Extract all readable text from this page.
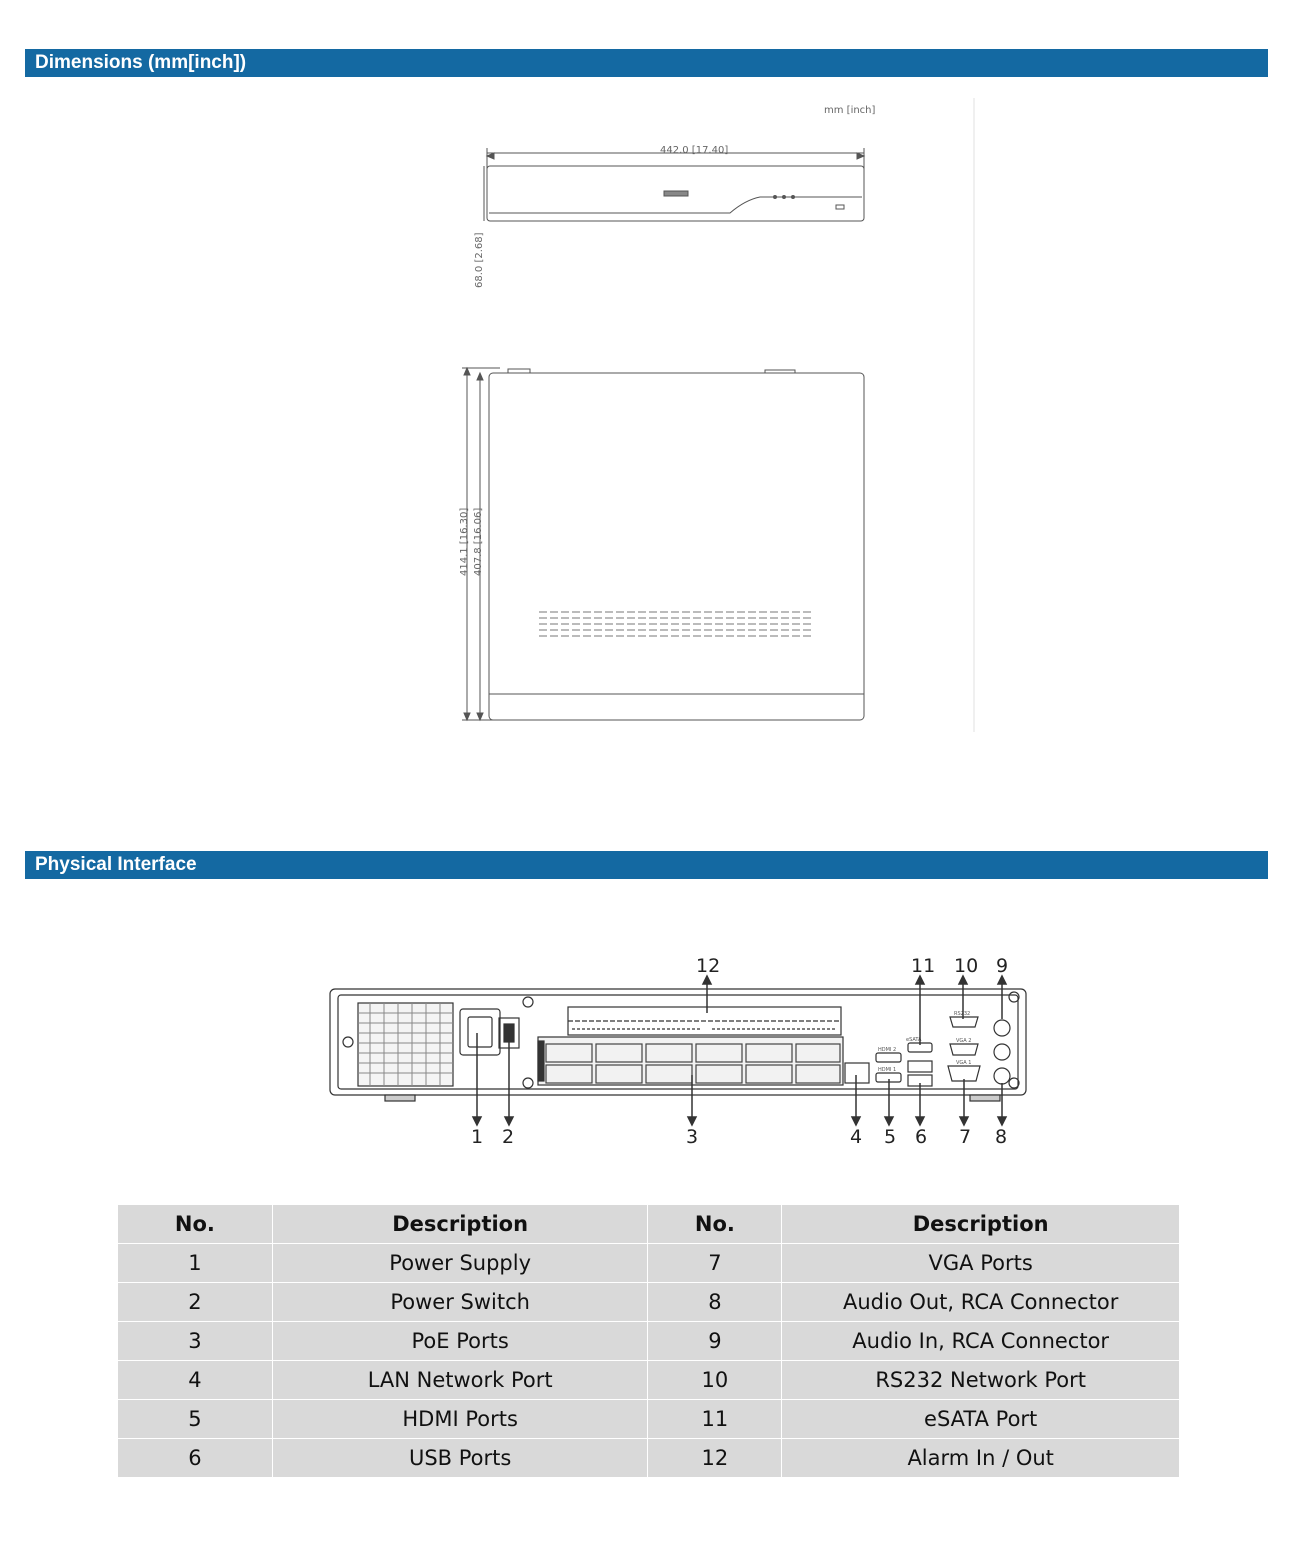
Dimensions (mm[inch])
mm [inch]
442.0 [17.40]
68.0 [2.68]
414.1 [16.30] 407.8 [16.06]
Physical Interface
RS232
VGA 2
VGA 1
HDMI 2
HDMI 1
eSATA
1 2	3	4 5 6 7 8
9
10
11
12
No.	Description	No.	Description
1	Power Supply	7	VGA Ports
2	Power Switch	8	Audio Out, RCA Connector
3	PoE Ports	9	Audio In, RCA Connector
4	LAN Network Port	10	RS232 Network Port
5	HDMI Ports	11	eSATA Port
6	USB Ports	12	Alarm In / Out
